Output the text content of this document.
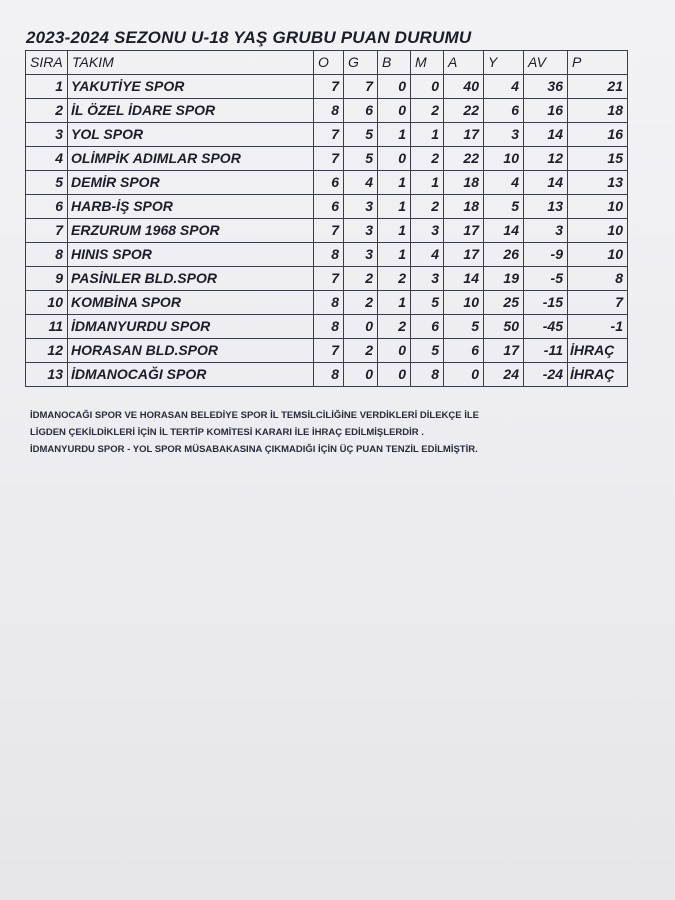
2023-2024 SEZONU U-18 YAŞ GRUBU PUAN DURUMU
SIRA	TAKIM	O	G	B	M	A	Y	AV	P
1	YAKUTİYE SPOR	7	7	0	0	40	4	36	21
2	İL ÖZEL İDARE SPOR	8	6	0	2	22	6	16	18
3	YOL SPOR	7	5	1	1	17	3	14	16
4	OLİMPİK ADIMLAR SPOR	7	5	0	2	22	10	12	15
5	DEMİR SPOR	6	4	1	1	18	4	14	13
6	HARB-İŞ SPOR	6	3	1	2	18	5	13	10
7	ERZURUM 1968 SPOR	7	3	1	3	17	14	3	10
8	HINIS SPOR	8	3	1	4	17	26	-9	10
9	PASİNLER BLD.SPOR	7	2	2	3	14	19	-5	8
10	KOMBİNA SPOR	8	2	1	5	10	25	-15	7
11	İDMANYURDU SPOR	8	0	2	6	5	50	-45	-1
12	HORASAN BLD.SPOR	7	2	0	5	6	17	-11	İHRAÇ
13	İDMANOCAĞI SPOR	8	0	0	8	0	24	-24	İHRAÇ
İDMANOCAĞI SPOR VE HORASAN BELEDİYE SPOR İL TEMSİLCİLİĞİNE VERDİKLERİ DİLEKÇE İLE
LİGDEN ÇEKİLDİKLERİ İÇİN İL TERTİP KOMİTESİ KARARI İLE İHRAÇ EDİLMİŞLERDİR .
İDMANYURDU SPOR - YOL SPOR MÜSABAKASINA ÇIKMADIĞI İÇİN ÜÇ PUAN TENZİL EDİLMİŞTİR.
